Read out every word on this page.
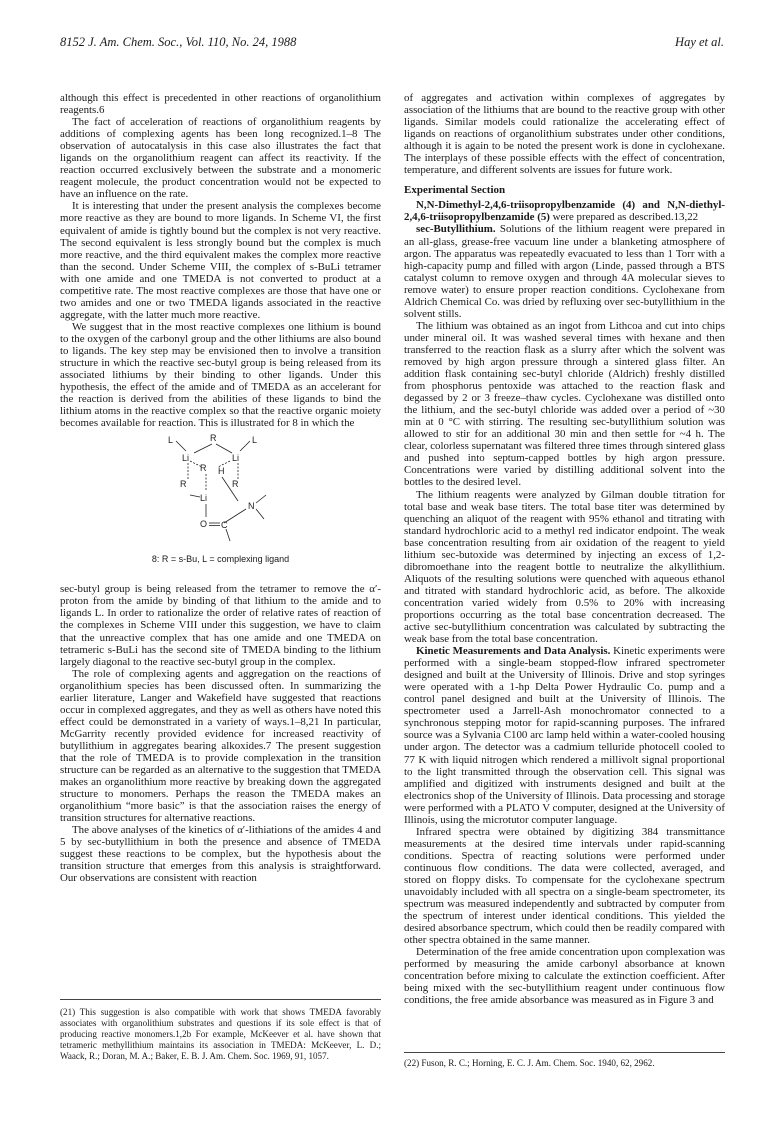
8152 J. Am. Chem. Soc., Vol. 110, No. 24, 1988	Hay et al.

although this effect is precedented in other reactions of organolithium reagents.6

The fact of acceleration of reactions of organolithium reagents by additions of complexing agents has been long recognized.1–8 The observation of autocatalysis in this case also illustrates the fact that ligands on the organolithium reagent can affect its reactivity. If the reaction occurred exclusively between the substrate and a monomeric reagent molecule, the product concentration would not be expected to have an influence on the rate.

It is interesting that under the present analysis the complexes become more reactive as they are bound to more ligands. In Scheme VI, the first equivalent of amide is tightly bound but the complex is not very reactive. The second equivalent is less strongly bound but the complex is much more reactive, and the third equivalent makes the complex more reactive than the second. Under Scheme VIII, the complex of s-BuLi tetramer with one amide and one TMEDA is not converted to product at a competitive rate. The most reactive complexes are those that have one or two amides and one or two TMEDA ligands associated in the reactive aggregate, with the latter much more reactive.

We suggest that in the most reactive complexes one lithium is bound to the oxygen of the carbonyl group and the other lithiums are also bound to ligands. The key step may be envisioned then to involve a transition structure in which the reactive sec-butyl group is being released from its associated lithiums by their binding to other ligands. Under this hypothesis, the effect of the amide and of TMEDA as an accelerant for the reaction is derived from the abilities of these ligands to bind the lithium atoms in the reactive complex so that the reactive organic moiety becomes available for reaction. This is illustrated for 8 in which the

L	R	L
Li	Li
R H
R	R
Li
N
O C
8: R = s-Bu, L = complexing ligand

sec-butyl group is being released from the tetramer to remove the α′-proton from the amide by binding of that lithium to the amide and to ligands L. In order to rationalize the order of relative rates of reaction of the complexes in Scheme VIII under this suggestion, we have to claim that the unreactive complex that has one amide and one TMEDA on tetrameric s-BuLi has the second site of TMEDA binding to the lithium largely diagonal to the reactive sec-butyl group in the complex.

The role of complexing agents and aggregation on the reactions of organolithium species has been discussed often. In summarizing the earlier literature, Langer and Wakefield have suggested that reactions occur in complexed aggregates, and they as well as others have noted this effect could be demonstrated in a variety of ways.1–8,21 In particular, McGarrity recently provided evidence for increased reactivity of butyllithium in aggregates bearing alkoxides.7 The present suggestion that the role of TMEDA is to provide complexation in the transition structure can be regarded as an alternative to the suggestion that TMEDA makes an organolithium more reactive by breaking down the aggregated structure to monomers. Perhaps the reason the TMEDA makes an organolithium “more basic” is that the association raises the energy of transition structures for alternative reactions.

The above analyses of the kinetics of α′-lithiations of the amides 4 and 5 by sec-butyllithium in both the presence and absence of TMEDA suggest these reactions to be complex, but the hypothesis about the transition structure that emerges from this analysis is straightforward. Our observations are consistent with reaction

(21) This suggestion is also compatible with work that shows TMEDA favorably associates with organolithium substrates and questions if its sole effect is that of producing reactive monomers.1,2b For example, McKeever et al. have shown that tetrameric methyllithium maintains its association in TMEDA: McKeever, L. D.; Waack, R.; Doran, M. A.; Baker, E. B. J. Am. Chem. Soc. 1969, 91, 1057.

of aggregates and activation within complexes of aggregates by association of the lithiums that are bound to the reactive group with other ligands. Similar models could rationalize the accelerating effect of ligands on reactions of organolithium substrates under other conditions, although it is again to be noted the present work is done in cyclohexane. The interplays of these possible effects with the effect of concentration, temperature, and different solvents are issues for future work.

Experimental Section

N,N-Dimethyl-2,4,6-triisopropylbenzamide (4) and N,N-diethyl-2,4,6-triisopropylbenzamide (5) were prepared as described.13,22

sec-Butyllithium. Solutions of the lithium reagent were prepared in an all-glass, grease-free vacuum line under a blanketing atmosphere of argon. The apparatus was repeatedly evacuated to less than 1 Torr with a high-capacity pump and filled with argon (Linde, passed through a BTS catalyst column to remove oxygen and through 4A molecular sieves to remove water) to ensure proper reaction conditions. Cyclohexane from Aldrich Chemical Co. was dried by refluxing over sec-butyllithium in the solvent stills.

The lithium was obtained as an ingot from Lithcoa and cut into chips under mineral oil. It was washed several times with hexane and then transferred to the reaction flask as a slurry after which the solvent was removed by high argon pressure through a sintered glass filter. An addition flask containing sec-butyl chloride (Aldrich) freshly distilled from phosphorus pentoxide was attached to the reaction flask and degassed by 2 or 3 freeze–thaw cycles. Cyclohexane was distilled onto the lithium, and the sec-butyl chloride was added over a period of ~30 min at 0 °C with stirring. The resulting sec-butyllithium solution was allowed to stir for an additional 30 min and then settle for ~4 h. The clear, colorless supernatant was filtered three times through sintered glass and pushed into septum-capped bottles by high argon pressure. Concentrations were varied by distilling additional solvent into the bottles to the desired level.

The lithium reagents were analyzed by Gilman double titration for total base and weak base titers. The total base titer was determined by quenching an aliquot of the reagent with 95% ethanol and titrating with standard hydrochloric acid to a methyl red indicator endpoint. The weak base concentration resulting from air oxidation of the reagent to yield lithium sec-butoxide was determined by injecting an excess of 1,2-dibromoethane into the reagent bottle to neutralize the alkyllithium. Aliquots of the resulting solutions were quenched with aqueous ethanol and titrated with standard hydrochloric acid, as before. The alkoxide concentration varied widely from 0.5% to 20% with increasing proportions occurring as the total base concentration decreased. The active sec-butyllithium concentration was calculated by subtracting the weak base from the total base concentration.

Kinetic Measurements and Data Analysis. Kinetic experiments were performed with a single-beam stopped-flow infrared spectrometer designed and built at the University of Illinois. Drive and stop syringes were operated with a 1-hp Delta Power Hydraulic Co. pump and a control panel designed and built at the University of Illinois. The spectrometer used a Jarrell-Ash monochromator connected to a synchronous stepping motor for rapid-scanning purposes. The infrared source was a Sylvania C100 arc lamp held within a water-cooled housing under argon. The detector was a cadmium telluride photocell cooled to 77 K with liquid nitrogen which rendered a millivolt signal proportional to the light transmitted through the observation cell. This signal was amplified and digitized with instruments designed and built at the electronics shop of the University of Illinois. Data processing and storage were performed with a PLATO V computer, designed at the University of Illinois, using the microtutor computer language.

Infrared spectra were obtained by digitizing 384 transmittance measurements at the desired time intervals under rapid-scanning conditions. Spectra of reacting solutions were performed under continuous flow conditions. The data were collected, averaged, and stored on floppy disks. To compensate for the cyclohexane spectrum unavoidably included with all spectra on a single-beam spectrometer, its spectrum was measured independently and subtracted by computer from the spectrum of interest under identical conditions. This yielded the desired absorbance spectrum, which could then be readily compared with other spectra obtained in the same manner.

Determination of the free amide concentration upon complexation was performed by measuring the amide carbonyl absorbance at known concentration before mixing to calculate the extinction coefficient. After being mixed with the sec-butyllithium reagent under continuous flow conditions, the free amide absorbance was measured as in Figure 3 and

(22) Fuson, R. C.; Horning, E. C. J. Am. Chem. Soc. 1940, 62, 2962.
